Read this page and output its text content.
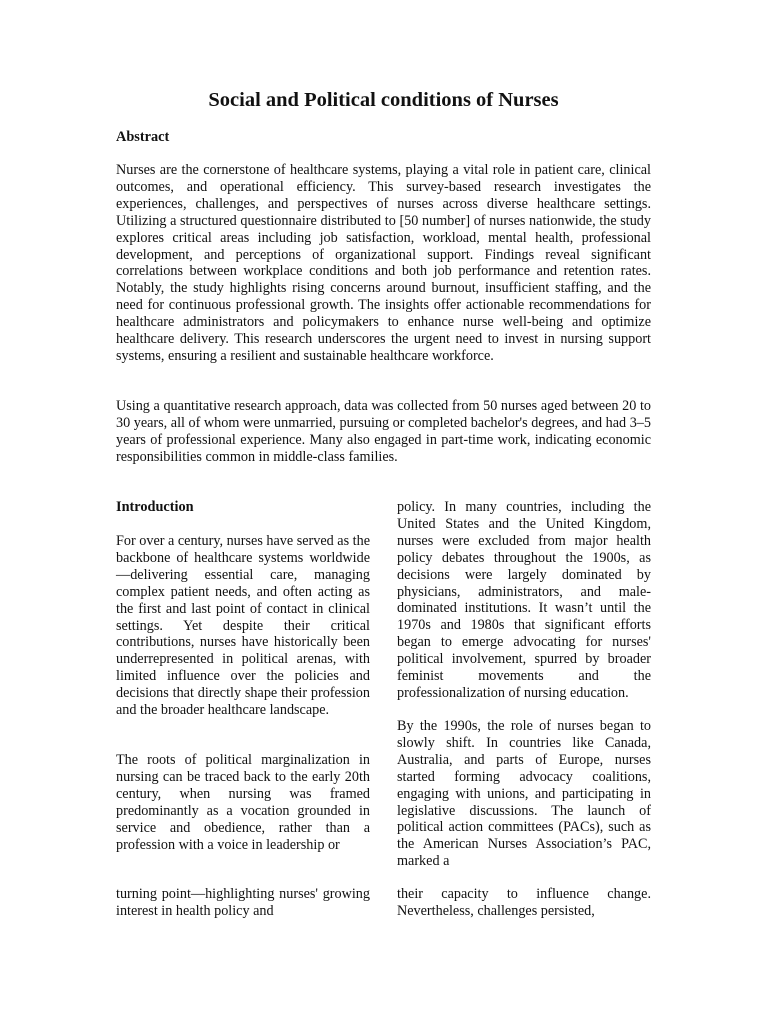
Social and Political conditions of Nurses
Abstract

Nurses are the cornerstone of healthcare systems, playing a vital role in patient care, clinical outcomes, and operational efficiency. This survey-based research investigates the experiences, challenges, and perspectives of nurses across diverse healthcare settings. Utilizing a structured questionnaire distributed to [50 number] of nurses nationwide, the study explores critical areas including job satisfaction, workload, mental health, professional development, and perceptions of organizational support. Findings reveal significant correlations between workplace conditions and both job performance and retention rates. Notably, the study highlights rising concerns around burnout, insufficient staffing, and the need for continuous professional growth. The insights offer actionable recommendations for healthcare administrators and policymakers to enhance nurse well-being and optimize healthcare delivery. This research underscores the urgent need to invest in nursing support systems, ensuring a resilient and sustainable healthcare workforce.

Using a quantitative research approach, data was collected from 50 nurses aged between 20 to 30 years, all of whom were unmarried, pursuing or completed bachelor's degrees, and had 3–5 years of professional experience. Many also engaged in part-time work, indicating economic responsibilities common in middle-class families.

Introduction

For over a century, nurses have served as the backbone of healthcare systems worldwide—delivering essential care, managing complex patient needs, and often acting as the first and last point of contact in clinical settings. Yet despite their critical contributions, nurses have historically been underrepresented in political arenas, with limited influence over the policies and decisions that directly shape their profession and the broader healthcare landscape.

The roots of political marginalization in nursing can be traced back to the early 20th century, when nursing was framed predominantly as a vocation grounded in service and obedience, rather than a profession with a voice in leadership or

policy. In many countries, including the United States and the United Kingdom, nurses were excluded from major health policy debates throughout the 1900s, as decisions were largely dominated by physicians, administrators, and male-dominated institutions. It wasn’t until the 1970s and 1980s that significant efforts began to emerge advocating for nurses' political involvement, spurred by broader feminist movements and the professionalization of nursing education.

By the 1990s, the role of nurses began to slowly shift. In countries like Canada, Australia, and parts of Europe, nurses started forming advocacy coalitions, engaging with unions, and participating in legislative discussions. The launch of political action committees (PACs), such as the American Nurses Association’s PAC, marked a

turning point—highlighting nurses' growing interest in health policy and

their capacity to influence change. Nevertheless, challenges persisted,
